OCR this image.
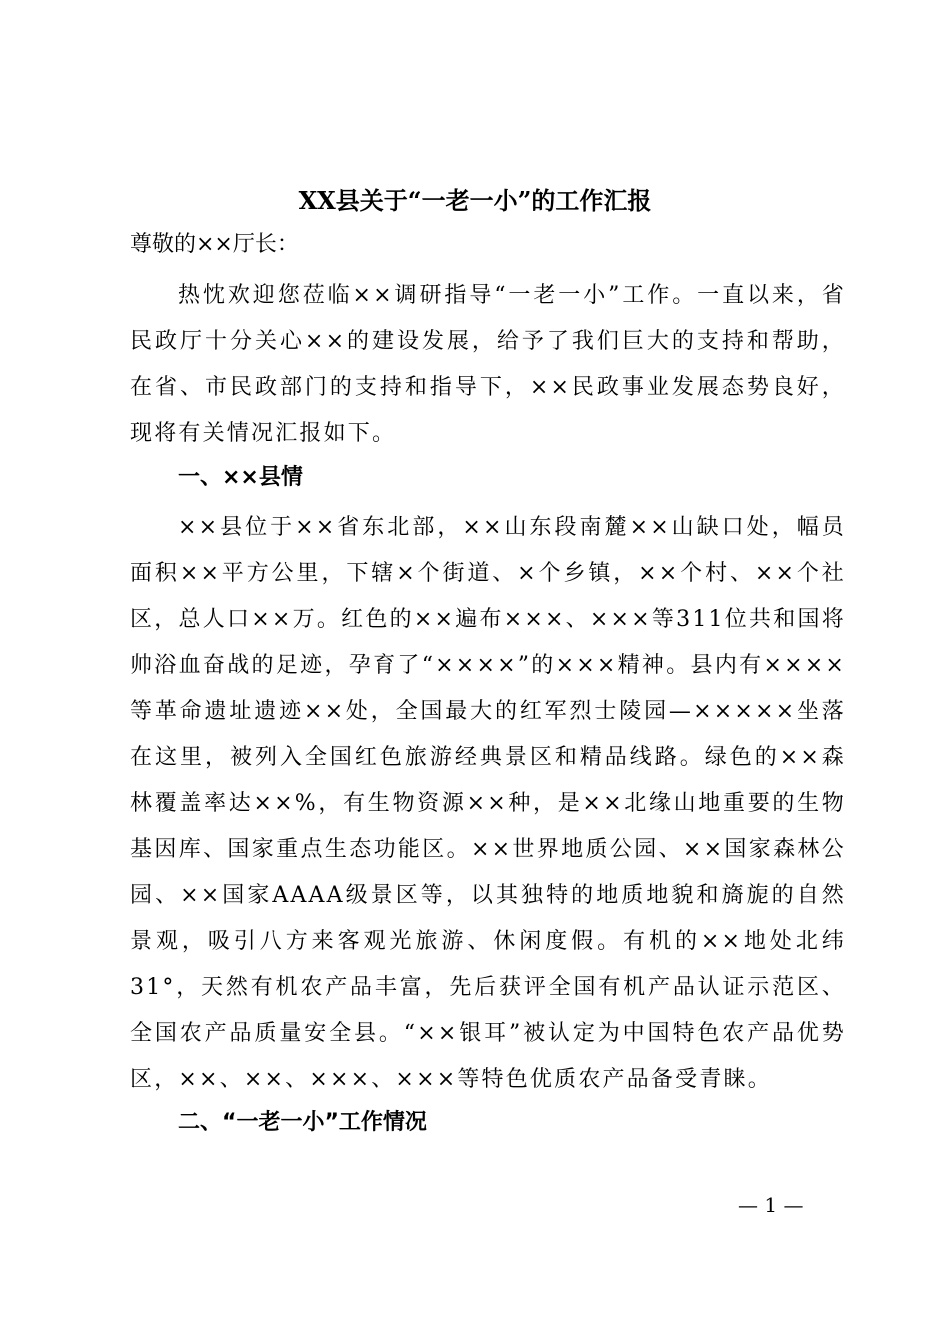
XX县关于“一老一小”的工作汇报

尊敬的××厅长：

热忱欢迎您莅临××调研指导“一老一小”工作。一直以来，省民政厅十分关心××的建设发展，给予了我们巨大的支持和帮助，在省、市民政部门的支持和指导下，××民政事业发展态势良好，现将有关情况汇报如下。

一、××县情

××县位于××省东北部，××山东段南麓××山缺口处，幅员面积××平方公里，下辖×个街道、×个乡镇，××个村、××个社区，总人口××万。红色的××遍布×××、×××等311位共和国将帅浴血奋战的足迹，孕育了“××××”的×××精神。县内有××××等革命遗址遗迹××处，全国最大的红军烈士陵园—×××××坐落在这里，被列入全国红色旅游经典景区和精品线路。绿色的××森林覆盖率达××%，有生物资源××种，是××北缘山地重要的生物基因库、国家重点生态功能区。××世界地质公园、××国家森林公园、××国家AAAA级景区等，以其独特的地质地貌和旖旎的自然景观，吸引八方来客观光旅游、休闲度假。有机的××地处北纬31°，天然有机农产品丰富，先后获评全国有机产品认证示范区、全国农产品质量安全县。“××银耳”被认定为中国特色农产品优势区，××、××、×××、×××等特色优质农产品备受青睐。

二、“一老一小”工作情况
— 1 —
